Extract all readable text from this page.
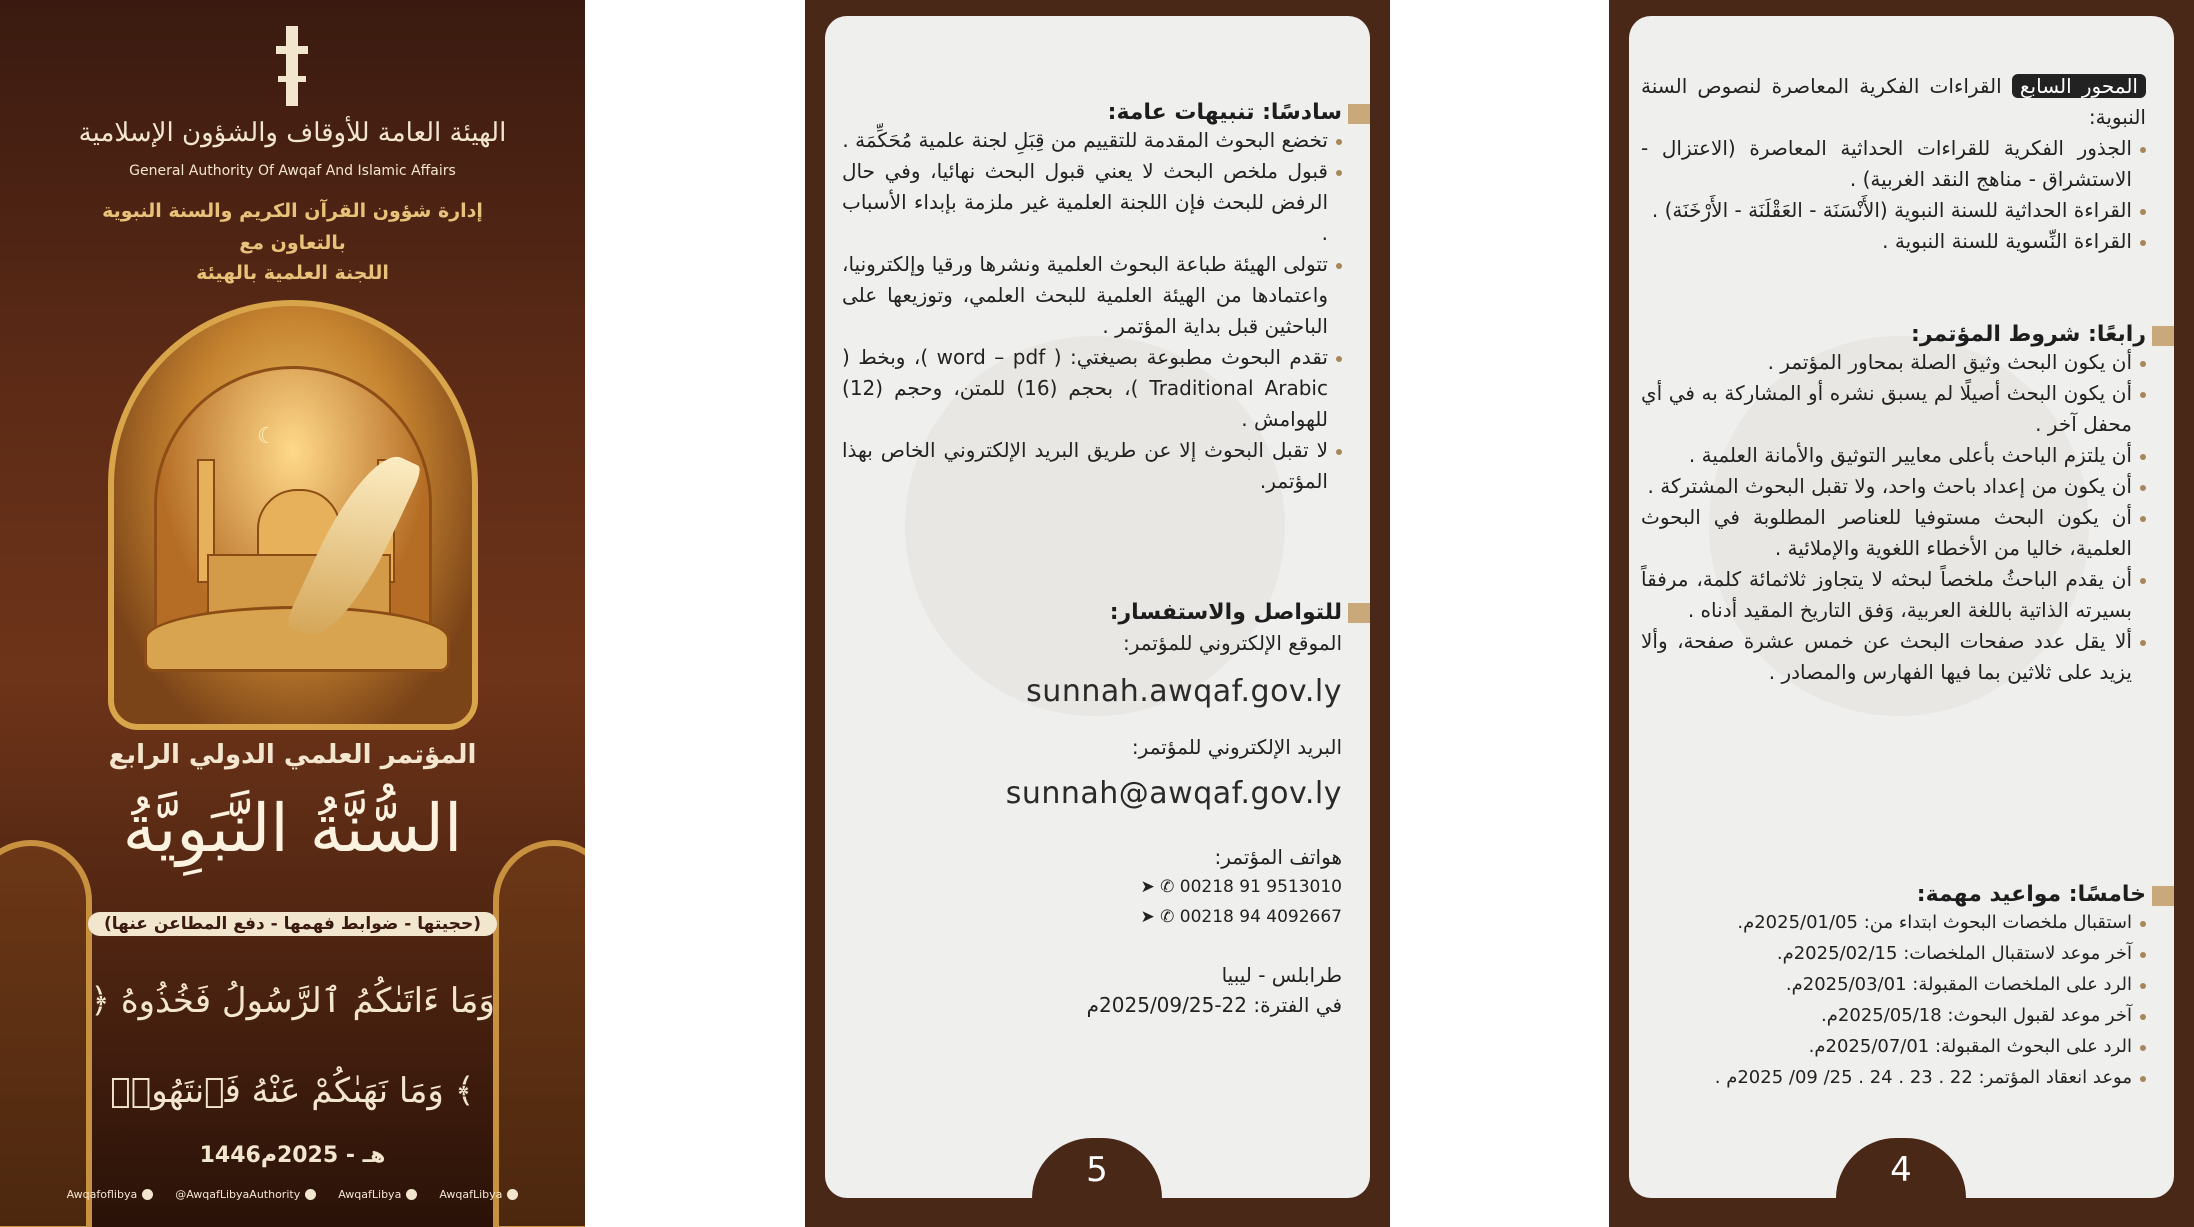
الهيئة العامة للأوقاف والشؤون الإسلامية
General Authority Of Awqaf And Islamic Affairs
إدارة شؤون القرآن الكريم والسنة النبوية
بالتعاون مع
اللجنة العلمية بالهيئة
☾
المؤتمر العلمي الدولي الرابع
السُّنَّةُ النَّبَوِيَّةُ
(حجيتها - ضوابط فهمها - دفع المطاعن عنها)
﴿ وَمَا ءَاتَىٰكُمُ ٱلرَّسُولُ فَخُذُوهُ
وَمَا نَهَىٰكُمْ عَنْهُ فَٱنتَهُوا۟ ﴾
1446هـ - 2025م
Awqafoflibya	@AwqafLibyaAuthority	AwqafLibya	AwqafLibya

سادسًا: تنبيهات عامة:

تخضع البحوث المقدمة للتقييم من قِبَلِ لجنة علمية مُحَكِّمَة .
قبول ملخص البحث لا يعني قبول البحث نهائيا، وفي حال الرفض للبحث فإن اللجنة العلمية غير ملزمة بإبداء الأسباب .
تتولى الهيئة طباعة البحوث العلمية ونشرها ورقيا وإلكترونيا، واعتمادها من الهيئة العلمية للبحث العلمي، وتوزيعها على الباحثين قبل بداية المؤتمر .
تقدم البحوث مطبوعة بصيغتي: ( word – pdf )، وبخط ( Traditional Arabic )، بحجم (16) للمتن، وحجم (12) للهوامش .
لا تقبل البحوث إلا عن طريق البريد الإلكتروني الخاص بهذا المؤتمر.

للتواصل والاستفسار:

الموقع الإلكتروني للمؤتمر:
sunnah.awqaf.gov.ly
البريد الإلكتروني للمؤتمر:
sunnah@awqaf.gov.ly
هواتف المؤتمر:
➤ ✆ 00218 91 9513010
➤ ✆ 00218 94 4092667
طرابلس - ليبيا
في الفترة: 22-2025/09/25م
5
المحور السابع القراءات الفكرية المعاصرة لنصوص السنة النبوية:
الجذور الفكرية للقراءات الحداثية المعاصرة (الاعتزال - الاستشراق - مناهج النقد الغربية) .
القراءة الحداثية للسنة النبوية (الأَنْسَنَة - العَقْلَنَة - الأَرْخَنَة) .
القراءة النِّسوية للسنة النبوية .

رابعًا: شروط المؤتمر:

أن يكون البحث وثيق الصلة بمحاور المؤتمر .
أن يكون البحث أصيلًا لم يسبق نشره أو المشاركة به في أي محفل آخر .
أن يلتزم الباحث بأعلى معايير التوثيق والأمانة العلمية .
أن يكون من إعداد باحث واحد، ولا تقبل البحوث المشتركة .
أن يكون البحث مستوفيا للعناصر المطلوبة في البحوث العلمية، خاليا من الأخطاء اللغوية والإملائية .
أن يقدم الباحثُ ملخصاً لبحثه لا يتجاوز ثلاثمائة كلمة، مرفقاً بسيرته الذاتية باللغة العربية، وَفق التاريخ المقيد أدناه .
ألا يقل عدد صفحات البحث عن خمس عشرة صفحة، وألا يزيد على ثلاثين بما فيها الفهارس والمصادر .

خامسًا: مواعيد مهمة:

استقبال ملخصات البحوث ابتداء من: 2025/01/05م.
آخر موعد لاستقبال الملخصات: 2025/02/15م.
الرد على الملخصات المقبولة: 2025/03/01م.
آخر موعد لقبول البحوث: 2025/05/18م.
الرد على البحوث المقبولة: 2025/07/01م.
موعد انعقاد المؤتمر: 22 . 23 . 24 . 25/ 09/ 2025م .
4
